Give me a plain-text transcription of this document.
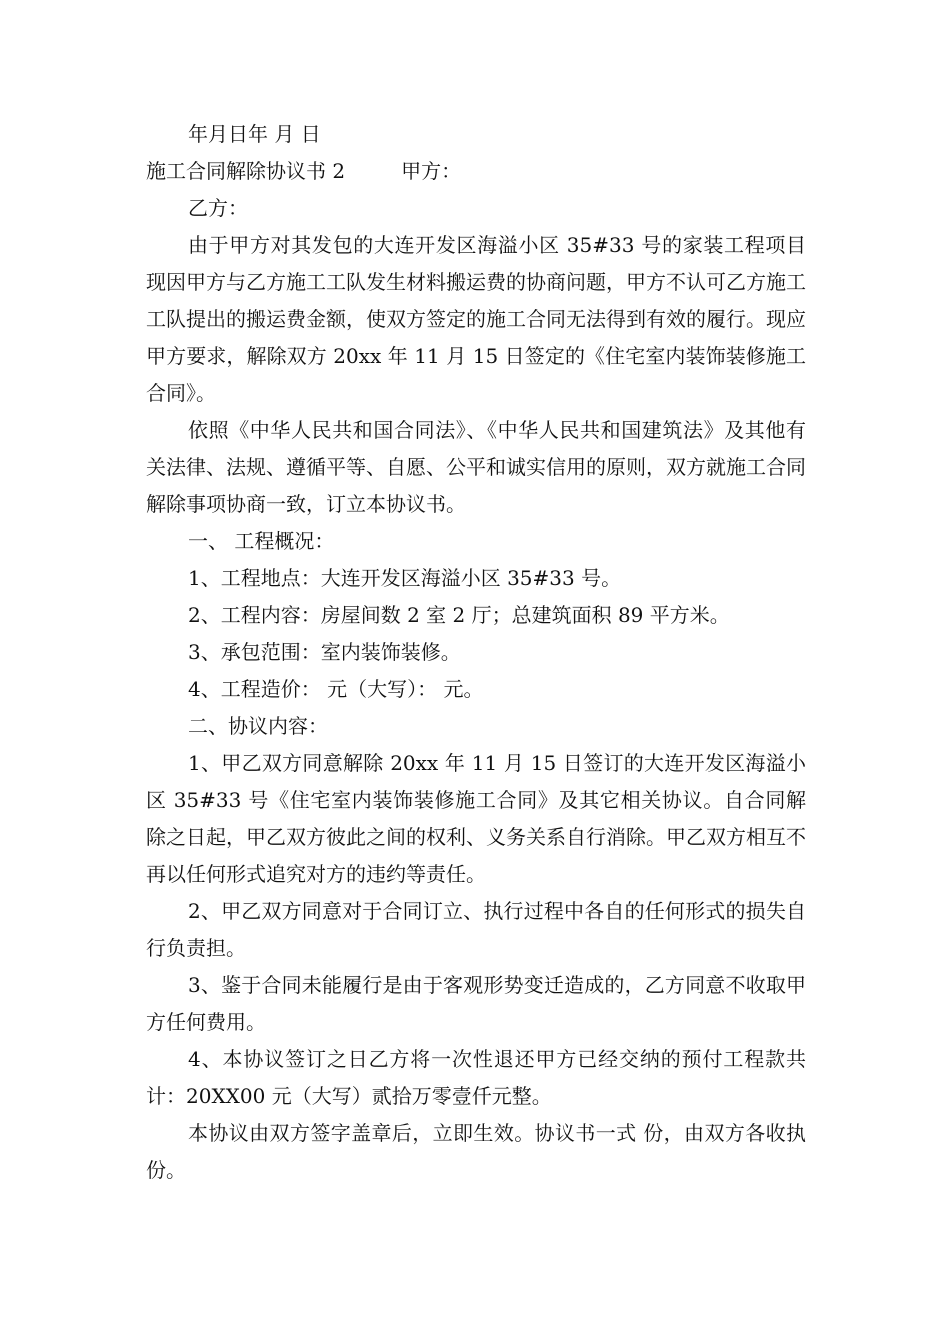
年月日年 月 日

施工合同解除协议书 2	甲方：

乙方：

由于甲方对其发包的大连开发区海溢小区 35#33 号的家装工程项目现因甲方与乙方施工工队发生材料搬运费的协商问题，甲方不认可乙方施工工队提出的搬运费金额，使双方签定的施工合同无法得到有效的履行。现应甲方要求，解除双方 20xx 年 11 月 15 日签定的《住宅室内装饰装修施工合同》。

依照《中华人民共和国合同法》、《中华人民共和国建筑法》及其他有关法律、法规、遵循平等、自愿、公平和诚实信用的原则，双方就施工合同解除事项协商一致，订立本协议书。

一、 工程概况：

1、工程地点：大连开发区海溢小区 35#33 号。

2、工程内容：房屋间数 2 室 2 厅；总建筑面积 89 平方米。

3、承包范围：室内装饰装修。

4、工程造价： 元（大写）： 元。

二、协议内容：

1、甲乙双方同意解除 20xx 年 11 月 15 日签订的大连开发区海溢小区 35#33 号《住宅室内装饰装修施工合同》及其它相关协议。自合同解除之日起，甲乙双方彼此之间的权利、义务关系自行消除。甲乙双方相互不再以任何形式追究对方的违约等责任。

2、甲乙双方同意对于合同订立、执行过程中各自的任何形式的损失自行负责担。

3、鉴于合同未能履行是由于客观形势变迁造成的，乙方同意不收取甲方任何费用。

4、本协议签订之日乙方将一次性退还甲方已经交纳的预付工程款共计：20XX00 元（大写）贰拾万零壹仟元整。

本协议由双方签字盖章后，立即生效。协议书一式 份，由双方各收执 份。
